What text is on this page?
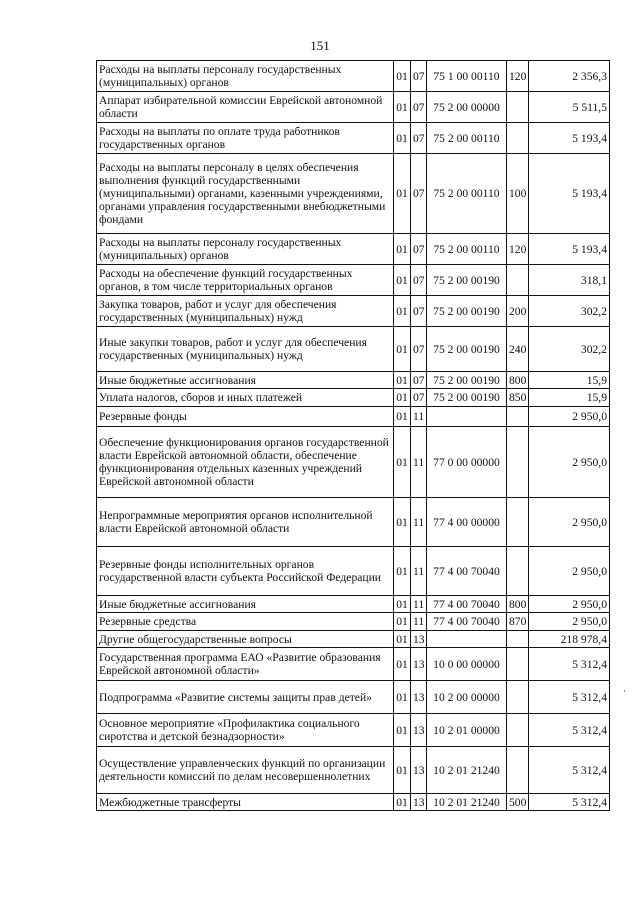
151
Расходы на выплаты персоналу государственных (муниципальных) органов	01	07	75 1 00 00110	120	2 356,3
Аппарат избирательной комиссии Еврейской автономной области	01	07	75 2 00 00000		5 511,5
Расходы на выплаты по оплате труда работников государственных органов	01	07	75 2 00 00110		5 193,4
Расходы на выплаты персоналу в целях обеспечения выполнения функций государственными (муниципальными) органами, казенными учреждениями, органами управления государственными внебюджетными фондами	01	07	75 2 00 00110	100	5 193,4
Расходы на выплаты персоналу государственных (муниципальных) органов	01	07	75 2 00 00110	120	5 193,4
Расходы на обеспечение функций государственных органов, в том числе территориальных органов	01	07	75 2 00 00190		318,1
Закупка товаров, работ и услуг для обеспечения государственных (муниципальных) нужд	01	07	75 2 00 00190	200	302,2
Иные закупки товаров, работ и услуг для обеспечения государственных (муниципальных) нужд	01	07	75 2 00 00190	240	302,2
Иные бюджетные ассигнования	01	07	75 2 00 00190	800	15,9
Уплата налогов, сборов и иных платежей	01	07	75 2 00 00190	850	15,9
Резервные фонды	01	11			2 950,0
Обеспечение функционирования органов государственной власти Еврейской автономной области, обеспечение функционирования отдельных казенных учреждений Еврейской автономной области	01	11	77 0 00 00000		2 950,0
Непрограммные мероприятия органов исполнительной власти Еврейской автономной области	01	11	77 4 00 00000		2 950,0
Резервные фонды исполнительных органов государственной власти субъекта Российской Федерации	01	11	77 4 00 70040		2 950,0
Иные бюджетные ассигнования	01	11	77 4 00 70040	800	2 950,0
Резервные средства	01	11	77 4 00 70040	870	2 950,0
Другие общегосударственные вопросы	01	13			218 978,4
Государственная программа ЕАО «Развитие образования Еврейской автономной области»	01	13	10 0 00 00000		5 312,4
Подпрограмма «Развитие системы защиты прав детей»	01	13	10 2 00 00000		5 312,4
Основное мероприятие «Профилактика социального сиротства и детской безнадзорности»	01	13	10 2 01 00000		5 312,4
Осуществление управленческих функций по организации деятельности комиссий по делам несовершеннолетних	01	13	10 2 01 21240		5 312,4
Межбюджетные трансферты	01	13	10 2 01 21240	500	5 312,4
·
